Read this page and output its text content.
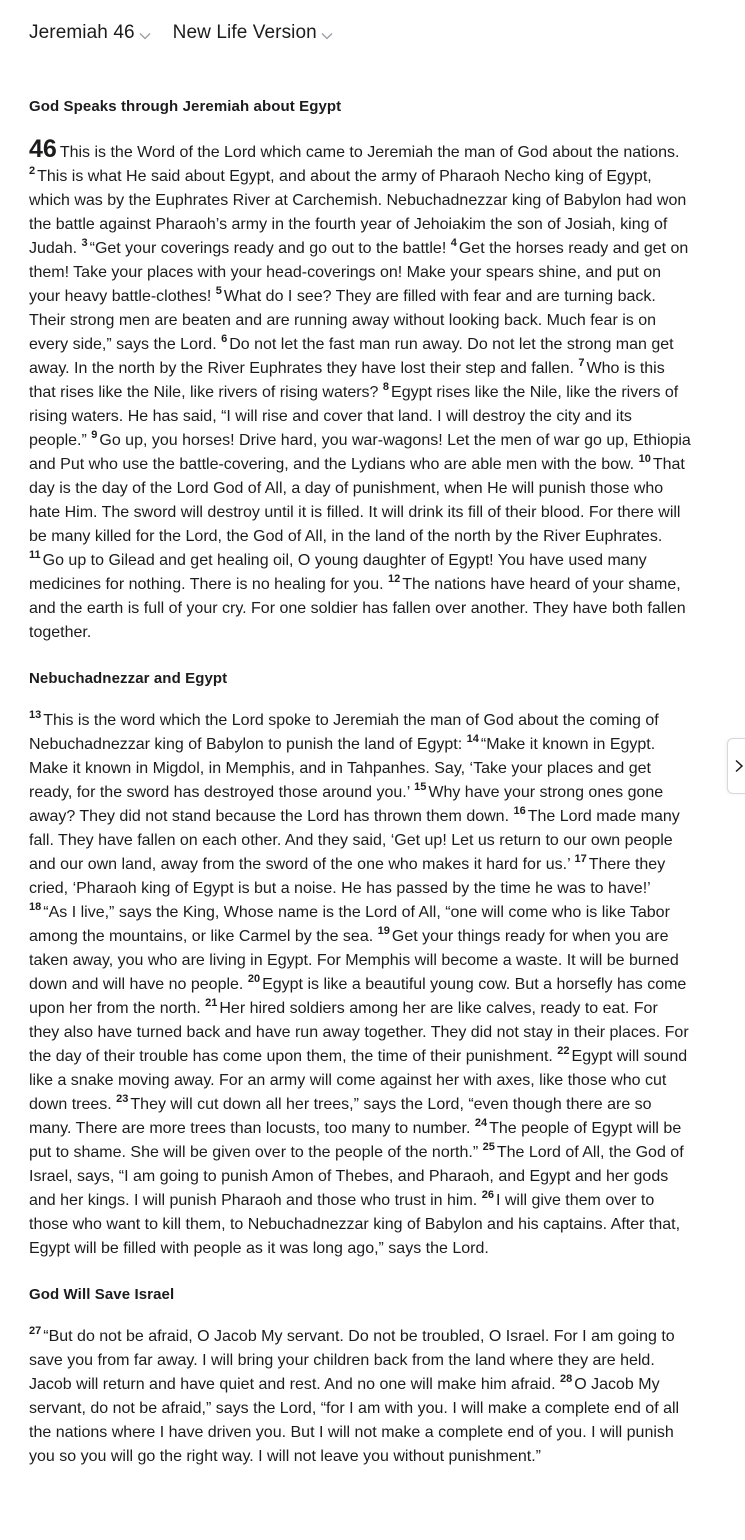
Jeremiah 46 New Life Version
God Speaks through Jeremiah about Egypt

46 This is the Word of the Lord which came to Jeremiah the man of God about the nations. $^2$ This is what He said about Egypt, and about the army of Pharaoh Necho king of Egypt, which was by the Euphrates River at Carchemish. Nebuchadnezzar king of Babylon had won the battle against Pharaoh’s army in the fourth year of Jehoiakim the son of Josiah, king of Judah. $^3$ “Get your coverings ready and go out to the battle! $^4$ Get the horses ready and get on them! Take your places with your head-coverings on! Make your spears shine, and put on your heavy battle-clothes! $^5$ What do I see? They are filled with fear and are turning back. Their strong men are beaten and are running away without looking back. Much fear is on every side,” says the Lord. $^6$ Do not let the fast man run away. Do not let the strong man get away. In the north by the River Euphrates they have lost their step and fallen. $^7$ Who is this that rises like the Nile, like rivers of rising waters? $^8$ Egypt rises like the Nile, like the rivers of rising waters. He has said, “I will rise and cover that land. I will destroy the city and its people.” $^9$ Go up, you horses! Drive hard, you war-wagons! Let the men of war go up, Ethiopia and Put who use the battle-covering, and the Lydians who are able men with the bow. $^{10}$ That day is the day of the Lord God of All, a day of punishment, when He will punish those who hate Him. The sword will destroy until it is filled. It will drink its fill of their blood. For there will be many killed for the Lord, the God of All, in the land of the north by the River Euphrates. $^{11}$ Go up to Gilead and get healing oil, O young daughter of Egypt! You have used many medicines for nothing. There is no healing for you. $^{12}$ The nations have heard of your shame, and the earth is full of your cry. For one soldier has fallen over another. They have both fallen together.

Nebuchadnezzar and Egypt

$^{13}$ This is the word which the Lord spoke to Jeremiah the man of God about the coming of Nebuchadnezzar king of Babylon to punish the land of Egypt: $^{14}$ “Make it known in Egypt. Make it known in Migdol, in Memphis, and in Tahpanhes. Say, ‘Take your places and get ready, for the sword has destroyed those around you.’ $^{15}$ Why have your strong ones gone away? They did not stand because the Lord has thrown them down. $^{16}$ The Lord made many fall. They have fallen on each other. And they said, ‘Get up! Let us return to our own people and our own land, away from the sword of the one who makes it hard for us.’ $^{17}$ There they cried, ‘Pharaoh king of Egypt is but a noise. He has passed by the time he was to have!’ $^{18}$ “As I live,” says the King, Whose name is the Lord of All, “one will come who is like Tabor among the mountains, or like Carmel by the sea. $^{19}$ Get your things ready for when you are taken away, you who are living in Egypt. For Memphis will become a waste. It will be burned down and will have no people. $^{20}$ Egypt is like a beautiful young cow. But a horsefly has come upon her from the north. $^{21}$ Her hired soldiers among her are like calves, ready to eat. For they also have turned back and have run away together. They did not stay in their places. For the day of their trouble has come upon them, the time of their punishment. $^{22}$ Egypt will sound like a snake moving away. For an army will come against her with axes, like those who cut down trees. $^{23}$ They will cut down all her trees,” says the Lord, “even though there are so many. There are more trees than locusts, too many to number. $^{24}$ The people of Egypt will be put to shame. She will be given over to the people of the north.” $^{25}$ The Lord of All, the God of Israel, says, “I am going to punish Amon of Thebes, and Pharaoh, and Egypt and her gods and her kings. I will punish Pharaoh and those who trust in him. $^{26}$ I will give them over to those who want to kill them, to Nebuchadnezzar king of Babylon and his captains. After that, Egypt will be filled with people as it was long ago,” says the Lord.

God Will Save Israel

$^{27}$ “But do not be afraid, O Jacob My servant. Do not be troubled, O Israel. For I am going to save you from far away. I will bring your children back from the land where they are held. Jacob will return and have quiet and rest. And no one will make him afraid. $^{28}$ O Jacob My servant, do not be afraid,” says the Lord, “for I am with you. I will make a complete end of all the nations where I have driven you. But I will not make a complete end of you. I will punish you so you will go the right way. I will not leave you without punishment.”
